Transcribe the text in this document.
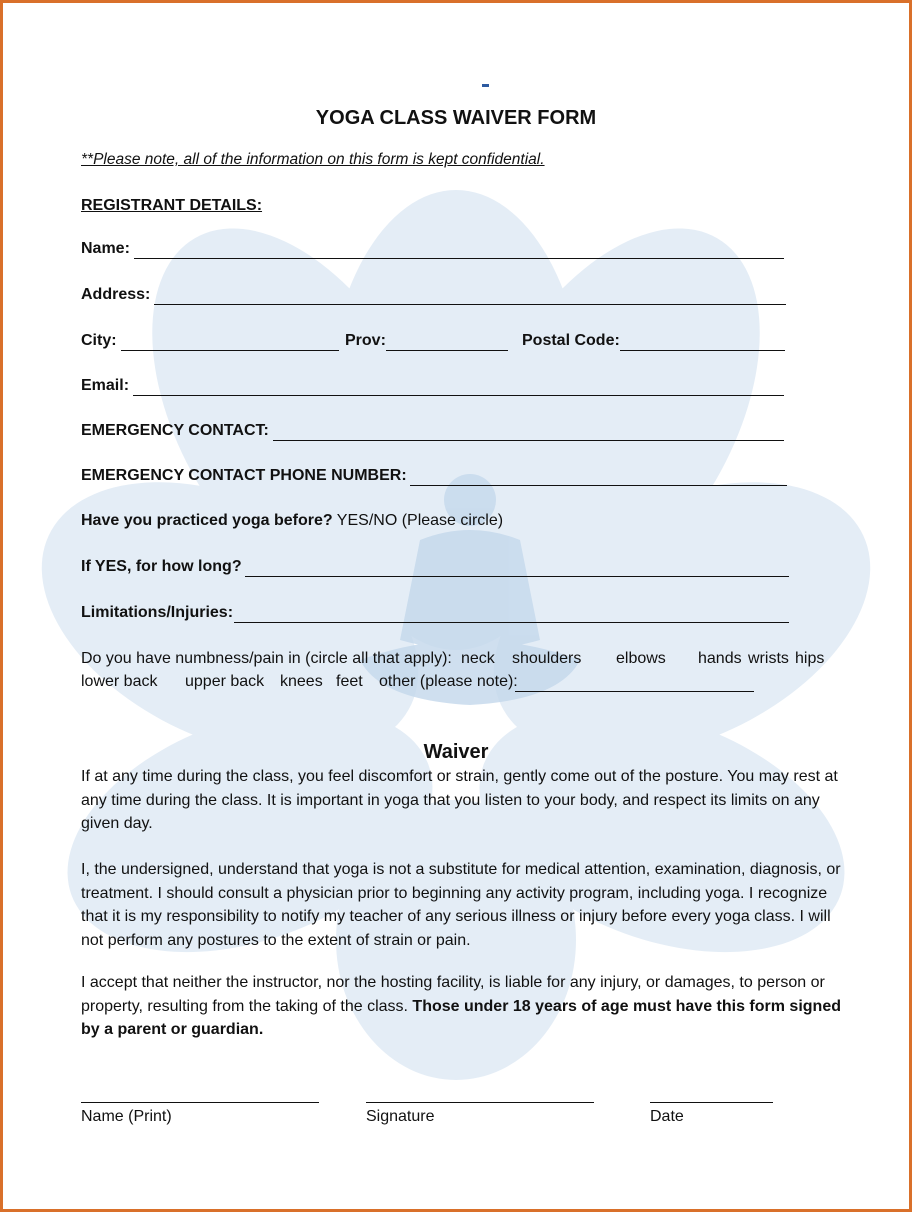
YOGA CLASS WAIVER FORM
**Please note, all of the information on this form is kept confidential.
REGISTRANT DETAILS:
Name:
Address:
City:	Prov:	Postal Code:
Email:
EMERGENCY CONTACT:
EMERGENCY CONTACT PHONE NUMBER:
Have you practiced yoga before? YES/NO (Please circle)
If YES, for how long?
Limitations/Injuries:
Do you have numbness/pain in (circle all that apply): neck shoulders elbows hands wrists hips
lower back upper back knees feet other (please note):
Waiver
If at any time during the class, you feel discomfort or strain, gently come out of the posture. You may rest at any time during the class. It is important in yoga that you listen to your body, and respect its limits on any given day.
I, the undersigned, understand that yoga is not a substitute for medical attention, examination, diagnosis, or treatment. I should consult a physician prior to beginning any activity program, including yoga. I recognize that it is my responsibility to notify my teacher of any serious illness or injury before every yoga class. I will not perform any postures to the extent of strain or pain.
I accept that neither the instructor, nor the hosting facility, is liable for any injury, or damages, to person or property, resulting from the taking of the class. Those under 18 years of age must have this form signed by a parent or guardian.
Name (Print)	Signature	Date
